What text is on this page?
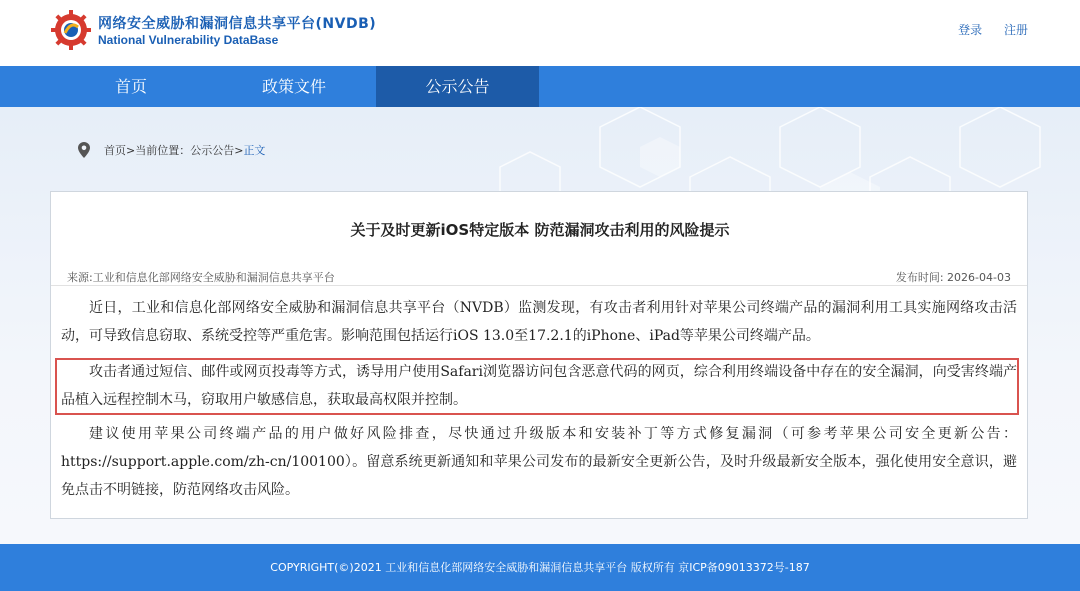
网络安全威胁和漏洞信息共享平台(NVDB)
National Vulnerability DataBase
登录 注册
首页	政策文件	公示公告
首页 > 当前位置： 公示公告 > 正文
关于及时更新iOS特定版本 防范漏洞攻击利用的风险提示
来源:工业和信息化部网络安全威胁和漏洞信息共享平台	发布时间: 2026-04-03

近日，工业和信息化部网络安全威胁和漏洞信息共享平台（NVDB）监测发现，有攻击者利用针对苹果公司终端产品的漏洞利用工具实施网络攻击活动，可导致信息窃取、系统受控等严重危害。影响范围包括运行iOS 13.0至17.2.1的iPhone、iPad等苹果公司终端产品。

攻击者通过短信、邮件或网页投毒等方式，诱导用户使用Safari浏览器访问包含恶意代码的网页，综合利用终端设备中存在的安全漏洞，向受害终端产品植入远程控制木马，窃取用户敏感信息，获取最高权限并控制。

建议使用苹果公司终端产品的用户做好风险排查，尽快通过升级版本和安装补丁等方式修复漏洞（可参考苹果公司安全更新公告：https://support.apple.com/zh-cn/100100）。留意系统更新通知和苹果公司发布的最新安全更新公告，及时升级最新安全版本，强化使用安全意识，避免点击不明链接，防范网络攻击风险。

COPYRIGHT(©)2021 工业和信息化部网络安全威胁和漏洞信息共享平台 版权所有 京ICP备09013372号-187
